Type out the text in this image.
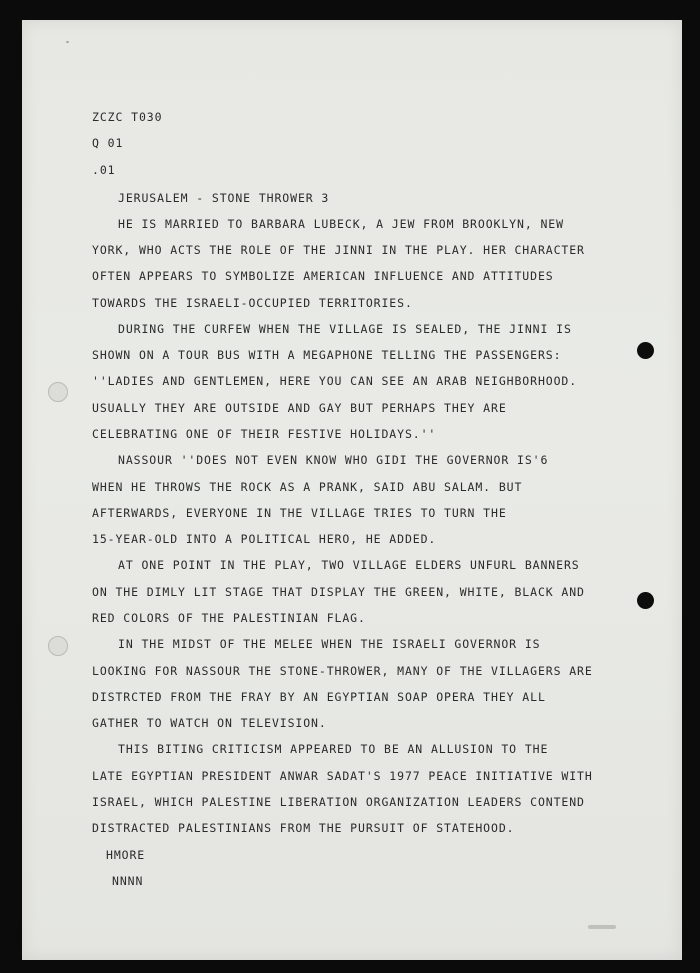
ZCZC T030

Q 01

.01

JERUSALEM - STONE THROWER 3

HE IS MARRIED TO BARBARA LUBECK, A JEW FROM BROOKLYN, NEW

YORK, WHO ACTS THE ROLE OF THE JINNI IN THE PLAY. HER CHARACTER

OFTEN APPEARS TO SYMBOLIZE AMERICAN INFLUENCE AND ATTITUDES

TOWARDS THE ISRAELI-OCCUPIED TERRITORIES.

DURING THE CURFEW WHEN THE VILLAGE IS SEALED, THE JINNI IS

SHOWN ON A TOUR BUS WITH A MEGAPHONE TELLING THE PASSENGERS:

''LADIES AND GENTLEMEN, HERE YOU CAN SEE AN ARAB NEIGHBORHOOD.

USUALLY THEY ARE OUTSIDE AND GAY BUT PERHAPS THEY ARE

CELEBRATING ONE OF THEIR FESTIVE HOLIDAYS.''

NASSOUR ''DOES NOT EVEN KNOW WHO GIDI THE GOVERNOR IS'6

WHEN HE THROWS THE ROCK AS A PRANK, SAID ABU SALAM. BUT

AFTERWARDS, EVERYONE IN THE VILLAGE TRIES TO TURN THE

15-YEAR-OLD INTO A POLITICAL HERO, HE ADDED.

AT ONE POINT IN THE PLAY, TWO VILLAGE ELDERS UNFURL BANNERS

ON THE DIMLY LIT STAGE THAT DISPLAY THE GREEN, WHITE, BLACK AND

RED COLORS OF THE PALESTINIAN FLAG.

IN THE MIDST OF THE MELEE WHEN THE ISRAELI GOVERNOR IS

LOOKING FOR NASSOUR THE STONE-THROWER, MANY OF THE VILLAGERS ARE

DISTRCTED FROM THE FRAY BY AN EGYPTIAN SOAP OPERA THEY ALL

GATHER TO WATCH ON TELEVISION.

THIS BITING CRITICISM APPEARED TO BE AN ALLUSION TO THE

LATE EGYPTIAN PRESIDENT ANWAR SADAT'S 1977 PEACE INITIATIVE WITH

ISRAEL, WHICH PALESTINE LIBERATION ORGANIZATION LEADERS CONTEND

DISTRACTED PALESTINIANS FROM THE PURSUIT OF STATEHOOD.

HMORE

NNNN
